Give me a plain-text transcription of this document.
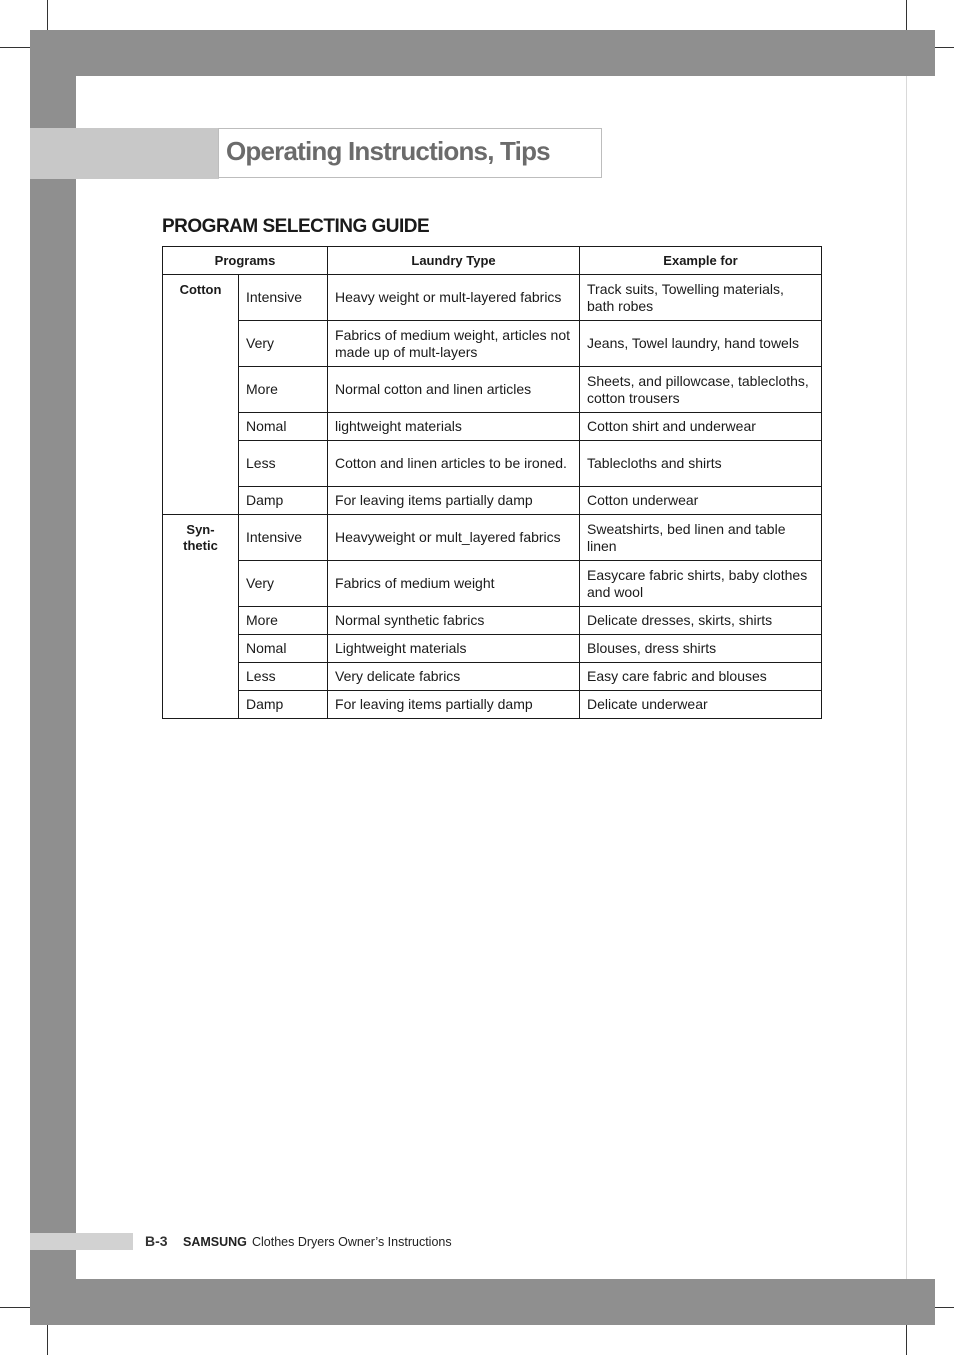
Operating Instructions, Tips
PROGRAM SELECTING GUIDE
Programs		Laundry Type	Example for
Cotton	Intensive	Heavy weight or mult-layered fabrics	Track suits, Towelling materials, bath robes
	Very	Fabrics of medium weight, articles not made up of mult-layers	Jeans, Towel laundry, hand towels
	More	Normal cotton and linen articles	Sheets, and pillowcase, tablecloths, cotton trousers
	Nomal	lightweight materials	Cotton shirt and underwear
	Less	Cotton and linen articles to be ironed.	Tablecloths and shirts
	Damp	For leaving items partially damp	Cotton underwear
Syn-
thetic	Intensive	Heavyweight or mult_layered fabrics	Sweatshirts, bed linen and table linen
	Very	Fabrics of medium weight	Easycare fabric shirts, baby clothes and wool
	More	Normal synthetic fabrics	Delicate dresses, skirts, shirts
	Nomal	Lightweight materials	Blouses, dress shirts
	Less	Very delicate fabrics	Easy care fabric and blouses
	Damp	For leaving items partially damp	Delicate underwear
B-3 SAMSUNG Clothes Dryers Owner’s Instructions
